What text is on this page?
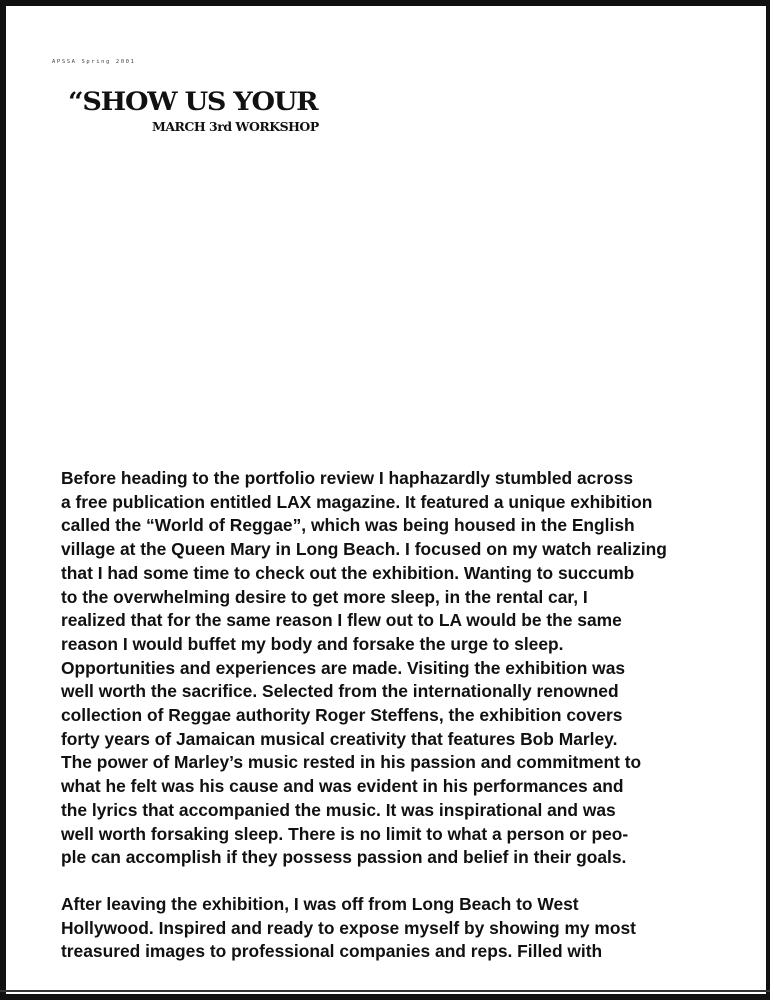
APSSA Spring 2001
“SHOW US YOUR
MARCH 3rd WORKSHOP

Before heading to the portfolio review I haphazardly stumbled across
a free publication entitled LAX magazine. It featured a unique exhibition
called the “World of Reggae”, which was being housed in the English
village at the Queen Mary in Long Beach. I focused on my watch realizing
that I had some time to check out the exhibition. Wanting to succumb
to the overwhelming desire to get more sleep, in the rental car, I
realized that for the same reason I flew out to LA would be the same
reason I would buffet my body and forsake the urge to sleep.
Opportunities and experiences are made. Visiting the exhibition was
well worth the sacrifice. Selected from the internationally renowned
collection of Reggae authority Roger Steffens, the exhibition covers
forty years of Jamaican musical creativity that features Bob Marley.
The power of Marley’s music rested in his passion and commitment to
what he felt was his cause and was evident in his performances and
the lyrics that accompanied the music. It was inspirational and was
well worth forsaking sleep. There is no limit to what a person or peo-
ple can accomplish if they possess passion and belief in their goals.

After leaving the exhibition, I was off from Long Beach to West
Hollywood. Inspired and ready to expose myself by showing my most
treasured images to professional companies and reps. Filled with
